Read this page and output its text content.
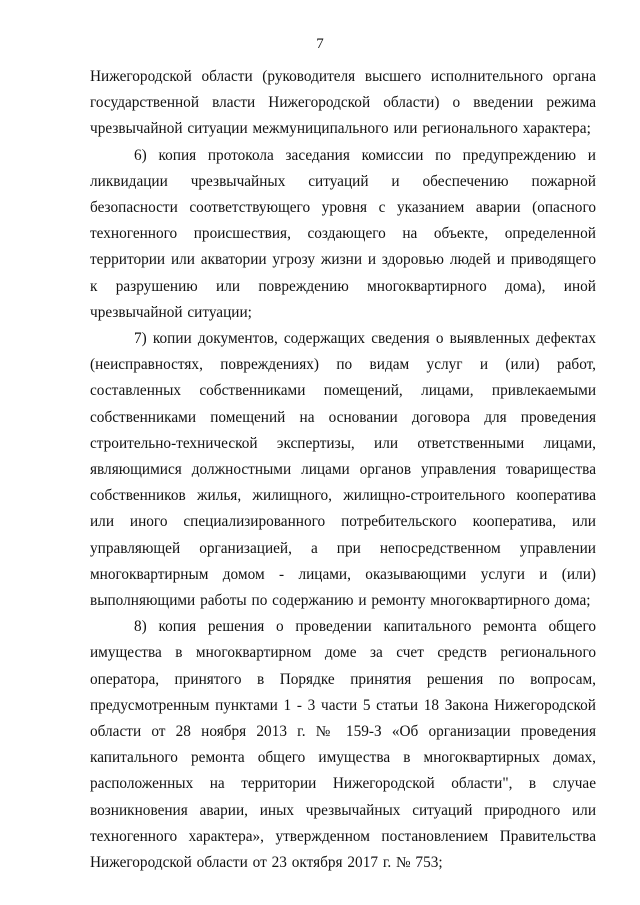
7

Нижегородской области (руководителя высшего исполнительного органа государственной власти Нижегородской области) о введении режима чрезвычайной ситуации межмуниципального или регионального характера;

6) копия протокола заседания комиссии по предупреждению и ликвидации чрезвычайных ситуаций и обеспечению пожарной безопасности соответствующего уровня с указанием аварии (опасного техногенного происшествия, создающего на объекте, определенной территории или акватории угрозу жизни и здоровью людей и приводящего к разрушению или повреждению многоквартирного дома), иной чрезвычайной ситуации;

7) копии документов, содержащих сведения о выявленных дефектах (неисправностях, повреждениях) по видам услуг и (или) работ, составленных собственниками помещений, лицами, привлекаемыми собственниками помещений на основании договора для проведения строительно-технической экспертизы, или ответственными лицами, являющимися должностными лицами органов управления товарищества собственников жилья, жилищного, жилищно-строительного кооператива или иного специализированного потребительского кооператива, или управляющей организацией, а при непосредственном управлении многоквартирным домом - лицами, оказывающими услуги и (или) выполняющими работы по содержанию и ремонту многоквартирного дома;

8) копия решения о проведении капитального ремонта общего имущества в многоквартирном доме за счет средств регионального оператора, принятого в Порядке принятия решения по вопросам, предусмотренным пунктами 1 - 3 части 5 статьи 18 Закона Нижегородской области от 28 ноября 2013 г. № 159-З «Об организации проведения капитального ремонта общего имущества в многоквартирных домах, расположенных на территории Нижегородской области", в случае возникновения аварии, иных чрезвычайных ситуаций природного или техногенного характера», утвержденном постановлением Правительства Нижегородской области от 23 октября 2017 г. № 753;
